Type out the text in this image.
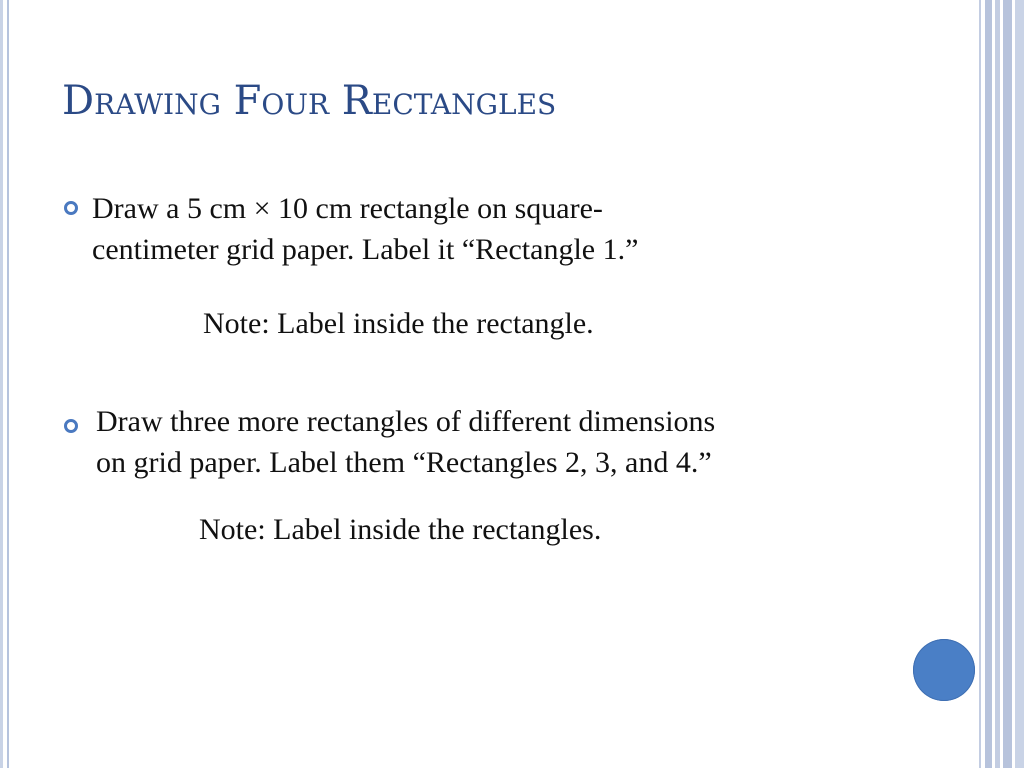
Drawing Four Rectangles

Draw a 5 cm × 10 cm rectangle on square-
centimeter grid paper. Label it “Rectangle 1.”

Note: Label inside the rectangle.

Draw three more rectangles of different dimensions
on grid paper. Label them “Rectangles 2, 3, and 4.”

Note: Label inside the rectangles.
